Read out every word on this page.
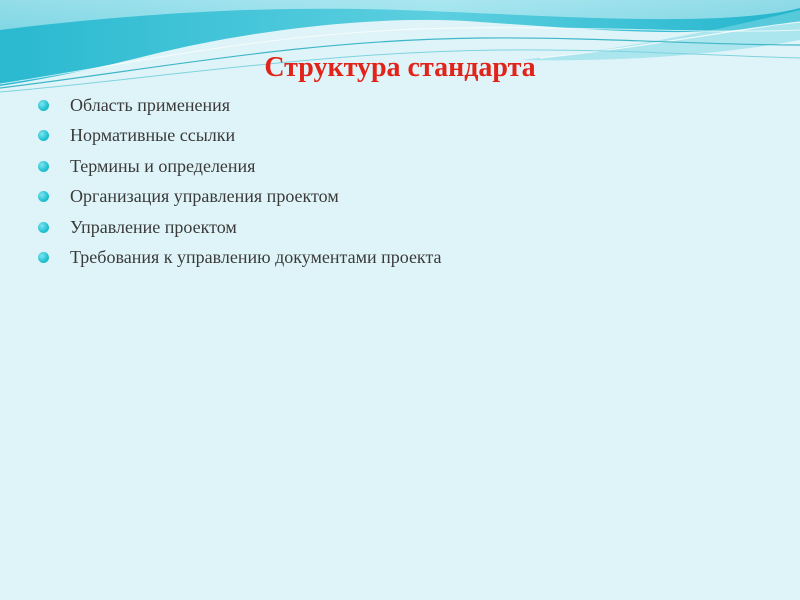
Структура стандарта
Область применения
Нормативные ссылки
Термины и определения
Организация управления проектом
Управление проектом
Требования к управлению документами проекта
